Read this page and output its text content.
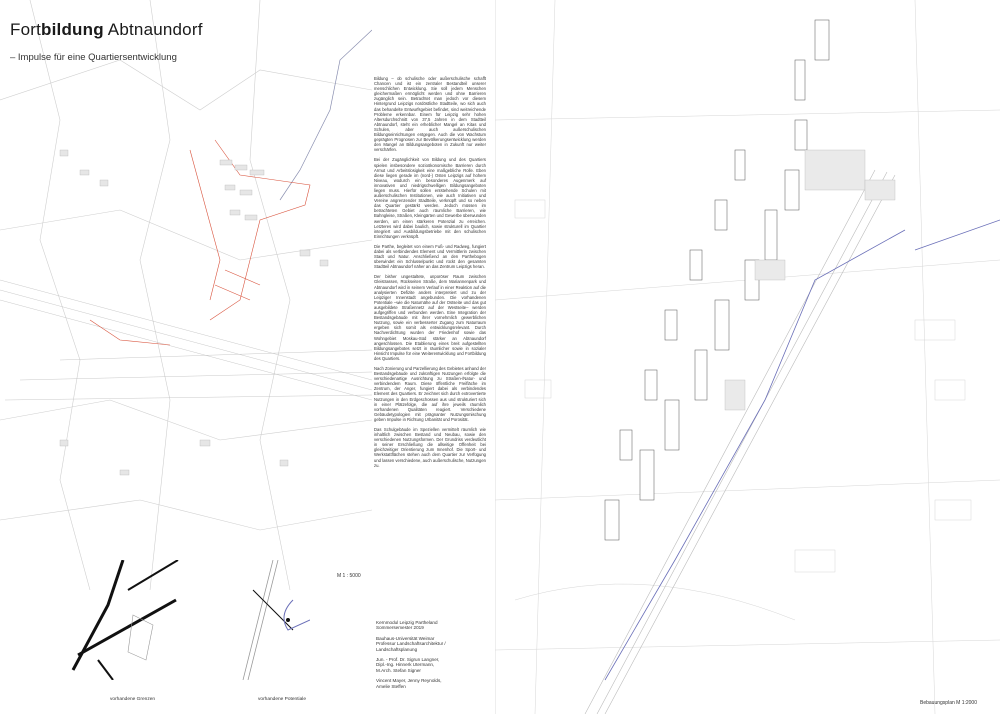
Fortbildung Abtnaundorf
– Impulse für eine Quartiersentwicklung
M 1 : 5000

Bildung – ob schulische oder außerschulische schafft Chancen und ist ein zentraler Bestandteil unserer menschlichen Entwicklung. Sie soll jedem Menschen gleichermaßen ermöglicht werden und ohne Barrieren zugänglich sein. Betrachtet man jedoch vor diesem Hintergrund Leipzigs nordöstliche Stadtteile, wo sich auch das behandelte Entwurfsgebiet befindet, sind weitreichende Probleme erkennbar. Einem für Leipzig sehr hohen Altersdurchschnitt von 37,5 Jahren in dem Stadtteil Abtnaundorf, steht ein erheblicher Mangel an Kitas und Schulen, aber auch außerschulischen Bildungseinrichtungen entgegen. Auch die von Wachstum geprägten Prognosen zur Bevölkerungsentwicklung werden den Mangel an Bildungsangeboten in Zukunft nur weiter verschärfen.

Bei der Zugänglichkeit von Bildung und des Quartiers spielen insbesondere sozioökonomische Barrieren durch Armut und Arbeitslosigkeit eine maßgebliche Rolle. Eben diese liegen gerade im (nord-) Osten Leipzigs auf hohem Niveau, wodurch ein besonderes Augenmerk auf innovativen und niedrigschwelligen Bildungsangeboten liegen muss. Hierfür sollen entstehende Schulen mit außerschulischen Institutionen, wie auch Initiativen und Vereine angrenzender Stadtteile, verknüpft und so neben das Quartier gestärkt werden. Jedoch müssen im betrachteten Gebiet auch räumliche Barrieren, wie Bahngleise, Straßen, Kleingärten und Gewerbe überwunden werden, um einen stärkeren Potenzial zu erreichen. Letzteres wird dabei baulich, sowie strukturell im Quartier integriert und Ausbildungsbetriebe mit den schulischen Einrichtungen verknüpft.

Die Parthe, begleitet von einem Fuß- und Radweg, fungiert dabei als verbindendes Element und Vermittlerin zwischen Stadt und Natur. Anschließend an den Parthebogen überwindet ein Schlusselpunkt und rückt den gesamten Stadtteil Abtnaundorf näher an das Zentrum Leipzigs heran.

Der bisher ungestaltete, unporöser Raum zwischen Gleistrassen, Rückseiten Straße, dem Mariannenpark und Abtnaundorf wird in seinem Verlauf in einer Reaktion auf die analysierten Defizite anders interpretiert und zu der Leipziger Innenstadt angebunden. Die vorhandenen Potentiale –wie die Naturnähe auf der Ostseite und das gut ausgebildete Straßennetz auf der Westseite– werden aufgegriffen und verbunden werden. Eine Integration der Bestandsgebäude mit ihrer vornehmlich gewerblichen Nutzung, sowie ein verbesserter Zugang zum Naturraum ergeben sich somit als entwicklungsrelevant. Durch Nachverdichtung wurden der Friedenhof sowie das Wohngebiet Moskau-Süd stärker an Abtnaundorf angeschlossen. Die Etablierung eines breit aufgestellten Bildungsangebotes setzt in räumlicher sowie in sozialer Hinsicht Impulse für eine Weiterentwicklung und Fortbildung des Quartiers.

Nach Zonierung und Parzellierung des Gebietes anhand der Bestandsgebäude und zukünftigen Nutzungen erfolgte die verschiedenartige Ausrichtung zu Straßen-/Natur- und verbindendem Raum. Diese öffentliche Freifläche im Zentrum, der Anger, fungiert dabei als verbindendes Element des Quartiers. Er zeichnet sich durch extrovertierte Nutzungen in den Erdgeschossen aus und strukturiert sich in einer Plätzefolge, die auf ihre jeweils räumlich vorhandenen Qualitäten reagiert. Verschiedene Gebäudetypologien mit prägnanter Nutzungsmischung geben Impulse in Richtung Urbanität und Porosität.

Das Schulgebäude im Speziellen vermittelt räumlich wie inhaltlich zwischen Bestand und Neubau, sowie den verschiedenen Nutzungsformen. Der Grundriss verdeutlicht in seiner Erschließung die allseitige Offenheit bei gleichzeitiger Orientierung zum Innenhof. Die Sport- und Werkstattflächen stehen auch dem Quartier zur Verfügung und lassen verschiedene, auch außerschulische, Nutzungen zu.

vorhandene Grenzen	vorhandene Potentiale
Kernmodul Leipzig Partheland
Sommersemester 2019
Bauhaus-Universität Weimar
Professur Landschaftsarchitektur /
Landschaftsplanung
Jun. - Prof. Dr. Sigrun Langner,
Dipl.-Ing. Hinnerk Utermann,
M.Arch. Stefan Signer
Vincent Mayer, Jenny Reynolds,
Amelie Steffen
Bebauungsplan M 1:2000
